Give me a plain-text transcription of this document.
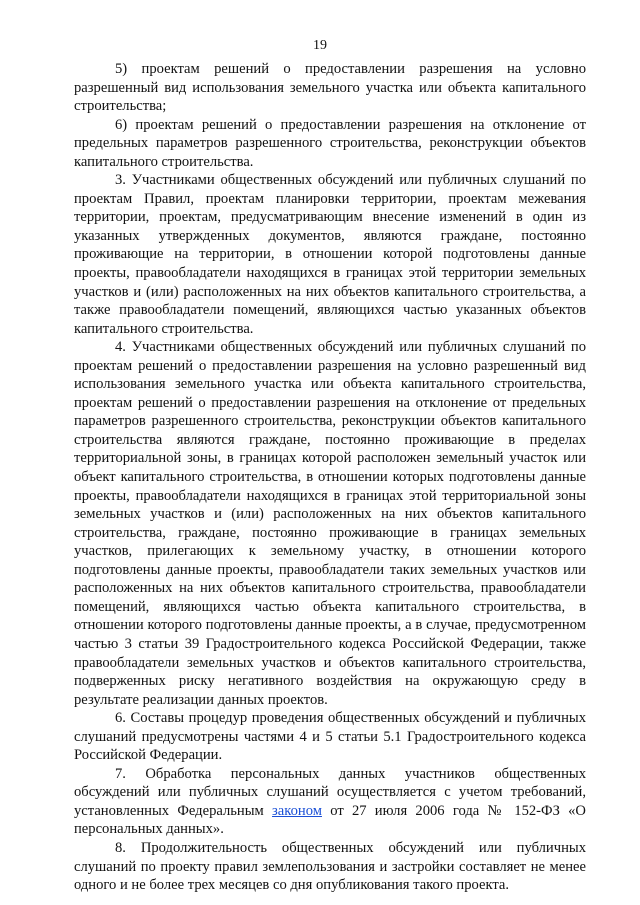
19

5) проектам решений о предоставлении разрешения на условно разрешенный вид использования земельного участка или объекта капитального строительства;

6) проектам решений о предоставлении разрешения на отклонение от предельных параметров разрешенного строительства, реконструкции объектов капитального строительства.

3. Участниками общественных обсуждений или публичных слушаний по проектам Правил, проектам планировки территории, проектам межевания территории, проектам, предусматривающим внесение изменений в один из указанных утвержденных документов, являются граждане, постоянно проживающие на территории, в отношении которой подготовлены данные проекты, правообладатели находящихся в границах этой территории земельных участков и (или) расположенных на них объектов капитального строительства, а также правообладатели помещений, являющихся частью указанных объектов капитального строительства.

4. Участниками общественных обсуждений или публичных слушаний по проектам решений о предоставлении разрешения на условно разрешенный вид использования земельного участка или объекта капитального строительства, проектам решений о предоставлении разрешения на отклонение от предельных параметров разрешенного строительства, реконструкции объектов капитального строительства являются граждане, постоянно проживающие в пределах территориальной зоны, в границах которой расположен земельный участок или объект капитального строительства, в отношении которых подготовлены данные проекты, правообладатели находящихся в границах этой территориальной зоны земельных участков и (или) расположенных на них объектов капитального строительства, граждане, постоянно проживающие в границах земельных участков, прилегающих к земельному участку, в отношении которого подготовлены данные проекты, правообладатели таких земельных участков или расположенных на них объектов капитального строительства, правообладатели помещений, являющихся частью объекта капитального строительства, в отношении которого подготовлены данные проекты, а в случае, предусмотренном частью 3 статьи 39 Градостроительного кодекса Российской Федерации, также правообладатели земельных участков и объектов капитального строительства, подверженных риску негативного воздействия на окружающую среду в результате реализации данных проектов.

6. Составы процедур проведения общественных обсуждений и публичных слушаний предусмотрены частями 4 и 5 статьи 5.1 Градостроительного кодекса Российской Федерации.

7. Обработка персональных данных участников общественных обсуждений или публичных слушаний осуществляется с учетом требований, установленных Федеральным законом от 27 июля 2006 года № 152-ФЗ «О персональных данных».

8. Продолжительность общественных обсуждений или публичных слушаний по проекту правил землепользования и застройки составляет не менее одного и не более трех месяцев со дня опубликования такого проекта.
